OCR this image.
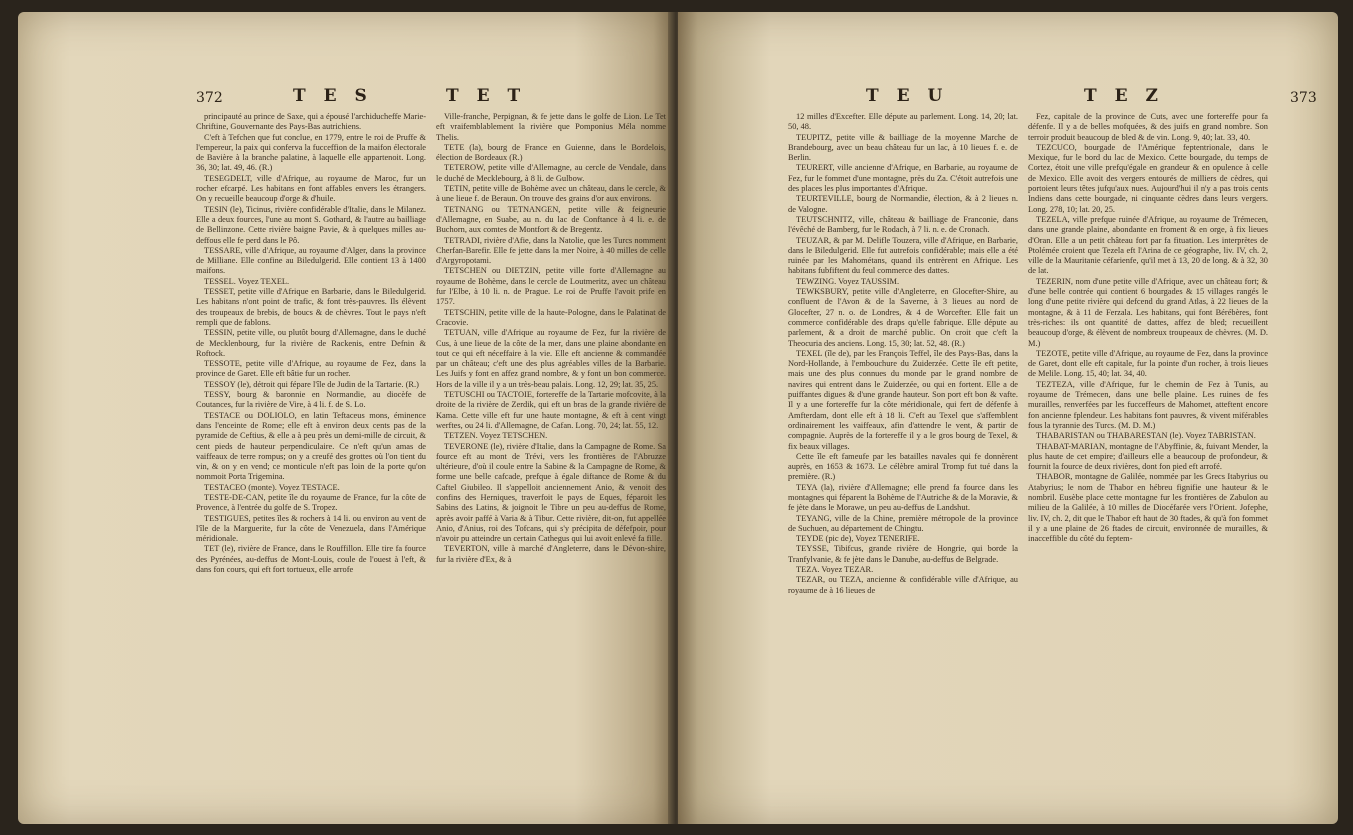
372	T E S	T E T

principauté au prince de Saxe, qui a épousé l'archiducheffe Marie-Chriftine, Gouvernante des Pays-Bas autrichiens.

C'eft à Tefchen que fut conclue, en 1779, entre le roi de Pruffe & l'empereur, la paix qui conferva la fucceffion de la maifon électorale de Bavière à la branche palatine, à laquelle elle appartenoit. Long. 36, 30; lat. 49, 46. (R.)

TESEGDELT, ville d'Afrique, au royaume de Maroc, fur un rocher efcarpé. Les habitans en font affables envers les étrangers. On y recueille beaucoup d'orge & d'huile.

TESIN (le), Ticinus, rivière confidérable d'Italie, dans le Milanez. Elle a deux fources, l'une au mont S. Gothard, & l'autre au bailliage de Bellinzone. Cette rivière baigne Pavie, & à quelques milles au-deffous elle fe perd dans le Pô.

TESSARE, ville d'Afrique, au royaume d'Alger, dans la province de Milliane. Elle confine au Biledulgerid. Elle contient 13 à 1400 maifons.

TESSEL. Voyez TEXEL.

TESSET, petite ville d'Afrique en Barbarie, dans le Biledulgerid. Les habitans n'ont point de trafic, & font très-pauvres. Ils élèvent des troupeaux de brebis, de boucs & de chèvres. Tout le pays n'eft rempli que de fablons.

TESSIN, petite ville, ou plutôt bourg d'Allemagne, dans le duché de Mecklenbourg, fur la rivière de Rackenis, entre Defnin & Roftock.

TESSOTE, petite ville d'Afrique, au royaume de Fez, dans la province de Garet. Elle eft bâtie fur un rocher.

TESSOY (le), détroit qui fépare l'île de Judin de la Tartarie. (R.)

TESSY, bourg & baronnie en Normandie, au diocèfe de Coutances, fur la rivière de Vire, à 4 li. f. de S. Lo.

TESTACE ou DOLIOLO, en latin Teftaceus mons, éminence dans l'enceinte de Rome; elle eft à environ deux cents pas de la pyramide de Ceftius, & elle a à peu près un demi-mille de circuit, & cent pieds de hauteur perpendiculaire. Ce n'eft qu'un amas de vaiffeaux de terre rompus; on y a creufé des grottes où l'on tient du vin, & on y en vend; ce monticule n'eft pas loin de la porte qu'on nommoit Porta Trigemina.

TESTACEO (monte). Voyez TESTACE.

TESTE-DE-CAN, petite île du royaume de France, fur la côte de Provence, à l'entrée du golfe de S. Tropez.

TESTIGUES, petites îles & rochers à 14 li. ou environ au vent de l'île de la Marguerite, fur la côte de Venezuela, dans l'Amérique méridionale.

TET (le), rivière de France, dans le Rouffillon. Elle tire fa fource des Pyrénées, au-deffus de Mont-Louis, coule de l'ouest à l'eft, & dans fon cours, qui eft fort tortueux, elle arrofe

Ville-franche, Perpignan, & fe jette dans le golfe de Lion. Le Tet eft vraifemblablement la rivière que Pomponius Méla nomme Thelis.

TETE (la), bourg de France en Guienne, dans le Bordelois, élection de Bordeaux (R.)

TETEROW, petite ville d'Allemagne, au cercle de Vendale, dans le duché de Mecklebourg, à 8 li. de Gulbow.

TETIN, petite ville de Bohème avec un château, dans le cercle, & à une lieue f. de Beraun. On trouve des grains d'or aux environs.

TETNANG ou TETNANGEN, petite ville & feigneurie d'Allemagne, en Suabe, au n. du lac de Conftance à 4 li. e. de Buchorn, aux comtes de Montfort & de Bregentz.

TETRADI, rivière d'Afie, dans la Natolie, que les Turcs nomment Cherfan-Barefir. Elle fe jette dans la mer Noire, à 40 milles de celle d'Argyropotami.

TETSCHEN ou DIETZIN, petite ville forte d'Allemagne au royaume de Bohème, dans le cercle de Loutmeritz, avec un château fur l'Elbe, à 10 li. n. de Prague. Le roi de Pruffe l'avoit prife en 1757.

TETSCHIN, petite ville de la haute-Pologne, dans le Palatinat de Cracovie.

TETUAN, ville d'Afrique au royaume de Fez, fur la rivière de Cus, à une lieue de la côte de la mer, dans une plaine abondante en tout ce qui eft néceffaire à la vie. Elle eft ancienne & commandée par un château; c'eft une des plus agréables villes de la Barbarie. Les Juifs y font en affez grand nombre, & y font un bon commerce. Hors de la ville il y a un très-beau palais. Long. 12, 29; lat. 35, 25.

TETUSCHI ou TACTOIE, fortereffe de la Tartarie mofcovite, à la droite de la rivière de Zerdik, qui eft un bras de la grande rivière de Kama. Cette ville eft fur une haute montagne, & eft à cent vingt werftes, ou 24 li. d'Allemagne, de Cafan. Long. 70, 24; lat. 55, 12.

TETZEN. Voyez TETSCHEN.

TEVERONE (le), rivière d'Italie, dans la Campagne de Rome. Sa fource eft au mont de Trévi, vers les frontières de l'Abruzze ultérieure, d'où il coule entre la Sabine & la Campagne de Rome, & forme une belle cafcade, prefque à égale diftance de Rome & du Caftel Giubileo. Il s'appelloit anciennement Anio, & venoit des confins des Herniques, traverfoit le pays de Eques, féparoit les Sabins des Latins, & joignoit le Tibre un peu au-deffus de Rome, après avoir paffé à Varia & à Tibur. Cette rivière, dit-on, fut appellée Anio, d'Anius, roi des Tofcans, qui s'y précipita de défefpoir, pour n'avoir pu atteindre un certain Cathegus qui lui avoit enlevé fa fille.

TEVERTON, ville à marché d'Angleterre, dans le Dévon-shire, fur la rivière d'Ex, & à

T E U	T E Z	373

12 milles d'Excefter. Elle députe au parlement. Long. 14, 20; lat. 50, 48.

TEUPITZ, petite ville & bailliage de la moyenne Marche de Brandebourg, avec un beau château fur un lac, à 10 lieues f. e. de Berlin.

TEURERT, ville ancienne d'Afrique, en Barbarie, au royaume de Fez, fur le fommet d'une montagne, près du Za. C'étoit autrefois une des places les plus importantes d'Afrique.

TEURTEVILLE, bourg de Normandie, élection, & à 2 lieues n. de Valogne.

TEUTSCHNITZ, ville, château & bailliage de Franconie, dans l'évêché de Bamberg, fur le Rodach, à 7 li. n. e. de Cronach.

TEUZAR, & par M. Delifle Touzera, ville d'Afrique, en Barbarie, dans le Biledulgerid. Elle fut autrefois confidérable; mais elle a été ruinée par les Mahométans, quand ils entrèrent en Afrique. Les habitans fubfiftent du feul commerce des dattes.

TEWZING. Voyez TAUSSIM.

TEWKSBURY, petite ville d'Angleterre, en Glocefter-Shire, au confluent de l'Avon & de la Saverne, à 3 lieues au nord de Glocefter, 27 n. o. de Londres, & 4 de Worcefter. Elle fait un commerce confidérable des draps qu'elle fabrique. Elle députe au parlement, & a droit de marché public. On croit que c'eft la Theocuria des anciens. Long. 15, 30; lat. 52, 48. (R.)

TEXEL (île de), par les François Teffel, île des Pays-Bas, dans la Nord-Hollande, à l'embouchure du Zuiderzée. Cette île eft petite, mais une des plus connues du monde par le grand nombre de navires qui entrent dans le Zuiderzée, ou qui en fortent. Elle a de puiffantes digues & d'une grande hauteur. Son port eft bon & vafte. Il y a une fortereffe fur la côte méridionale, qui fert de défenfe à Amfterdam, dont elle eft à 18 li. C'eft au Texel que s'affemblent ordinairement les vaiffeaux, afin d'attendre le vent, & partir de compagnie. Auprès de la fortereffe il y a le gros bourg de Texel, & fix beaux villages.

Cette île eft fameufe par les batailles navales qui fe donnèrent auprès, en 1653 & 1673. Le célèbre amiral Tromp fut tué dans la première. (R.)

TEYA (la), rivière d'Allemagne; elle prend fa fource dans les montagnes qui féparent la Bohème de l'Autriche & de la Moravie, & fe jète dans le Morawe, un peu au-deffus de Landshut.

TEYANG, ville de la Chine, première métropole de la province de Suchuen, au département de Chingtu.

TEYDE (pic de), Voyez TENERIFE.

TEYSSE, Tibifcus, grande rivière de Hongrie, qui borde la Tranfylvanie, & fe jète dans le Danube, au-deffus de Belgrade.

TEZA. Voyez TEZAR.

TEZAR, ou TEZA, ancienne & confidérable ville d'Afrique, au royaume de à 16 lieues de

Fez, capitale de la province de Cuts, avec une fortereffe pour fa défenfe. Il y a de belles mofquées, & des juifs en grand nombre. Son terroir produit beaucoup de bled & de vin. Long. 9, 40; lat. 33, 40.

TEZCUCO, bourgade de l'Amérique feptentrionale, dans le Mexique, fur le bord du lac de Mexico. Cette bourgade, du temps de Cortez, étoit une ville prefqu'égale en grandeur & en opulence à celle de Mexico. Elle avoit des vergers entourés de milliers de cèdres, qui portoient leurs têtes jufqu'aux nues. Aujourd'hui il n'y a pas trois cents Indiens dans cette bourgade, ni cinquante cèdres dans leurs vergers. Long. 278, 10; lat. 20, 25.

TEZELA, ville prefque ruinée d'Afrique, au royaume de Trémecen, dans une grande plaine, abondante en froment & en orge, à fix lieues d'Oran. Elle a un petit château fort par fa fituation. Les interprètes de Ptolémée croient que Tezela eft l'Arina de ce géographe, liv. IV, ch. 2, ville de la Mauritanie céfarienfe, qu'il met à 13, 20 de long. & à 32, 30 de lat.

TEZERIN, nom d'une petite ville d'Afrique, avec un château fort; & d'une belle contrée qui contient 6 bourgades & 15 villages rangés le long d'une petite rivière qui defcend du grand Atlas, à 22 lieues de la montagne, & à 11 de Ferzala. Les habitans, qui font Bérébères, font très-riches: ils ont quantité de dattes, affez de bled; recueillent beaucoup d'orge, & élèvent de nombreux troupeaux de chèvres. (M. D. M.)

TEZOTE, petite ville d'Afrique, au royaume de Fez, dans la province de Garet, dont elle eft capitale, fur la pointe d'un rocher, à trois lieues de Melile. Long. 15, 40; lat. 34, 40.

TEZTEZA, ville d'Afrique, fur le chemin de Fez à Tunis, au royaume de Trémecen, dans une belle plaine. Les ruines de fes murailles, renverfées par les fucceffeurs de Mahomet, atteftent encore fon ancienne fplendeur. Les habitans font pauvres, & vivent miférables fous la tyrannie des Turcs. (M. D. M.)

THABARISTAN ou THABARESTAN (le). Voyez TABRISTAN.

THABAT-MARIAN, montagne de l'Abyffinie, &, fuivant Mender, la plus haute de cet empire; d'ailleurs elle a beaucoup de profondeur, & fournit la fource de deux rivières, dont fon pied eft arrofé.

THABOR, montagne de Galilée, nommée par les Grecs Itabyrius ou Atabyrius; le nom de Thabor en hébreu fignifie une hauteur & le nombril. Eusèbe place cette montagne fur les frontières de Zabulon au milieu de la Galilée, à 10 milles de Diocéfarée vers l'Orient. Jofephe, liv. IV, ch. 2, dit que le Thabor eft haut de 30 ftades, & qu'à fon fommet il y a une plaine de 26 ftades de circuit, environnée de murailles, & inacceffible du côté du feptem-
